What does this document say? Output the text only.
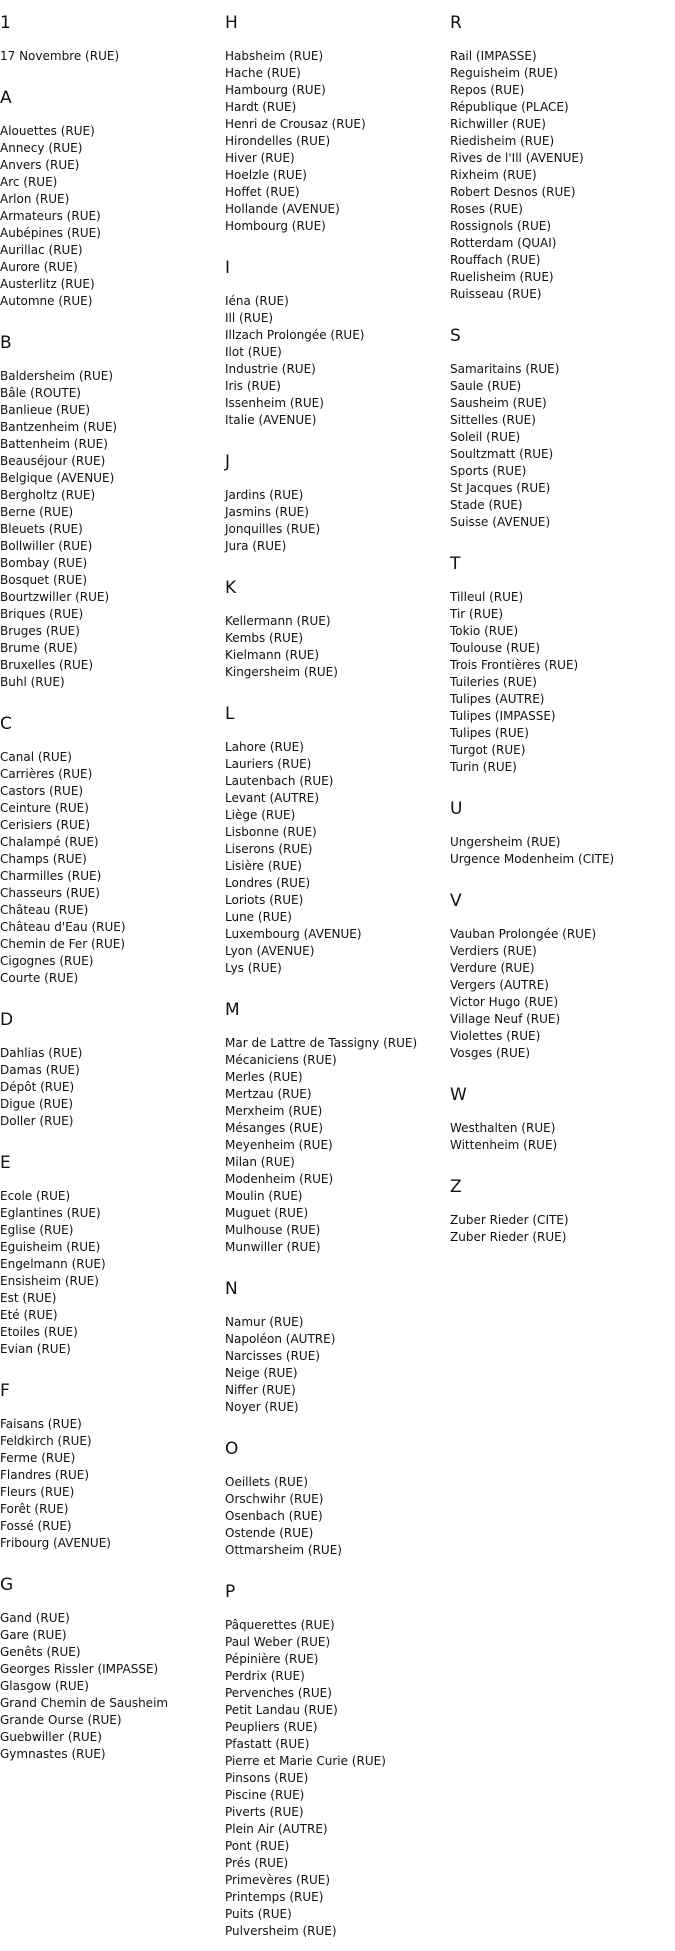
1
17 Novembre (RUE)
A
Alouettes (RUE)
Annecy (RUE)
Anvers (RUE)
Arc (RUE)
Arlon (RUE)
Armateurs (RUE)
Aubépines (RUE)
Aurillac (RUE)
Aurore (RUE)
Austerlitz (RUE)
Automne (RUE)
B
Baldersheim (RUE)
Bâle (ROUTE)
Banlieue (RUE)
Bantzenheim (RUE)
Battenheim (RUE)
Beauséjour (RUE)
Belgique (AVENUE)
Bergholtz (RUE)
Berne (RUE)
Bleuets (RUE)
Bollwiller (RUE)
Bombay (RUE)
Bosquet (RUE)
Bourtzwiller (RUE)
Briques (RUE)
Bruges (RUE)
Brume (RUE)
Bruxelles (RUE)
Buhl (RUE)
C
Canal (RUE)
Carrières (RUE)
Castors (RUE)
Ceinture (RUE)
Cerisiers (RUE)
Chalampé (RUE)
Champs (RUE)
Charmilles (RUE)
Chasseurs (RUE)
Château (RUE)
Château d'Eau (RUE)
Chemin de Fer (RUE)
Cigognes (RUE)
Courte (RUE)
D
Dahlias (RUE)
Damas (RUE)
Dépôt (RUE)
Digue (RUE)
Doller (RUE)
E
Ecole (RUE)
Eglantines (RUE)
Eglise (RUE)
Eguisheim (RUE)
Engelmann (RUE)
Ensisheim (RUE)
Est (RUE)
Eté (RUE)
Etoiles (RUE)
Evian (RUE)
F
Faisans (RUE)
Feldkirch (RUE)
Ferme (RUE)
Flandres (RUE)
Fleurs (RUE)
Forêt (RUE)
Fossé (RUE)
Fribourg (AVENUE)
G
Gand (RUE)
Gare (RUE)
Genêts (RUE)
Georges Rissler (IMPASSE)
Glasgow (RUE)
Grand Chemin de Sausheim
Grande Ourse (RUE)
Guebwiller (RUE)
Gymnastes (RUE)
H
Habsheim (RUE)
Hache (RUE)
Hambourg (RUE)
Hardt (RUE)
Henri de Crousaz (RUE)
Hirondelles (RUE)
Hiver (RUE)
Hoelzle (RUE)
Hoffet (RUE)
Hollande (AVENUE)
Hombourg (RUE)
I
Iéna (RUE)
Ill (RUE)
Illzach Prolongée (RUE)
Ilot (RUE)
Industrie (RUE)
Iris (RUE)
Issenheim (RUE)
Italie (AVENUE)
J
Jardins (RUE)
Jasmins (RUE)
Jonquilles (RUE)
Jura (RUE)
K
Kellermann (RUE)
Kembs (RUE)
Kielmann (RUE)
Kingersheim (RUE)
L
Lahore (RUE)
Lauriers (RUE)
Lautenbach (RUE)
Levant (AUTRE)
Liège (RUE)
Lisbonne (RUE)
Liserons (RUE)
Lisière (RUE)
Londres (RUE)
Loriots (RUE)
Lune (RUE)
Luxembourg (AVENUE)
Lyon (AVENUE)
Lys (RUE)
M
Mar de Lattre de Tassigny (RUE)
Mécaniciens (RUE)
Merles (RUE)
Mertzau (RUE)
Merxheim (RUE)
Mésanges (RUE)
Meyenheim (RUE)
Milan (RUE)
Modenheim (RUE)
Moulin (RUE)
Muguet (RUE)
Mulhouse (RUE)
Munwiller (RUE)
N
Namur (RUE)
Napoléon (AUTRE)
Narcisses (RUE)
Neige (RUE)
Niffer (RUE)
Noyer (RUE)
O
Oeillets (RUE)
Orschwihr (RUE)
Osenbach (RUE)
Ostende (RUE)
Ottmarsheim (RUE)
P
Pâquerettes (RUE)
Paul Weber (RUE)
Pépinière (RUE)
Perdrix (RUE)
Pervenches (RUE)
Petit Landau (RUE)
Peupliers (RUE)
Pfastatt (RUE)
Pierre et Marie Curie (RUE)
Pinsons (RUE)
Piscine (RUE)
Piverts (RUE)
Plein Air (AUTRE)
Pont (RUE)
Prés (RUE)
Primevères (RUE)
Printemps (RUE)
Puits (RUE)
Pulversheim (RUE)
R
Rail (IMPASSE)
Reguisheim (RUE)
Repos (RUE)
République (PLACE)
Richwiller (RUE)
Riedisheim (RUE)
Rives de l'Ill (AVENUE)
Rixheim (RUE)
Robert Desnos (RUE)
Roses (RUE)
Rossignols (RUE)
Rotterdam (QUAI)
Rouffach (RUE)
Ruelisheim (RUE)
Ruisseau (RUE)
S
Samaritains (RUE)
Saule (RUE)
Sausheim (RUE)
Sittelles (RUE)
Soleil (RUE)
Soultzmatt (RUE)
Sports (RUE)
St Jacques (RUE)
Stade (RUE)
Suisse (AVENUE)
T
Tilleul (RUE)
Tir (RUE)
Tokio (RUE)
Toulouse (RUE)
Trois Frontières (RUE)
Tuileries (RUE)
Tulipes (AUTRE)
Tulipes (IMPASSE)
Tulipes (RUE)
Turgot (RUE)
Turin (RUE)
U
Ungersheim (RUE)
Urgence Modenheim (CITE)
V
Vauban Prolongée (RUE)
Verdiers (RUE)
Verdure (RUE)
Vergers (AUTRE)
Victor Hugo (RUE)
Village Neuf (RUE)
Violettes (RUE)
Vosges (RUE)
W
Westhalten (RUE)
Wittenheim (RUE)
Z
Zuber Rieder (CITE)
Zuber Rieder (RUE)
